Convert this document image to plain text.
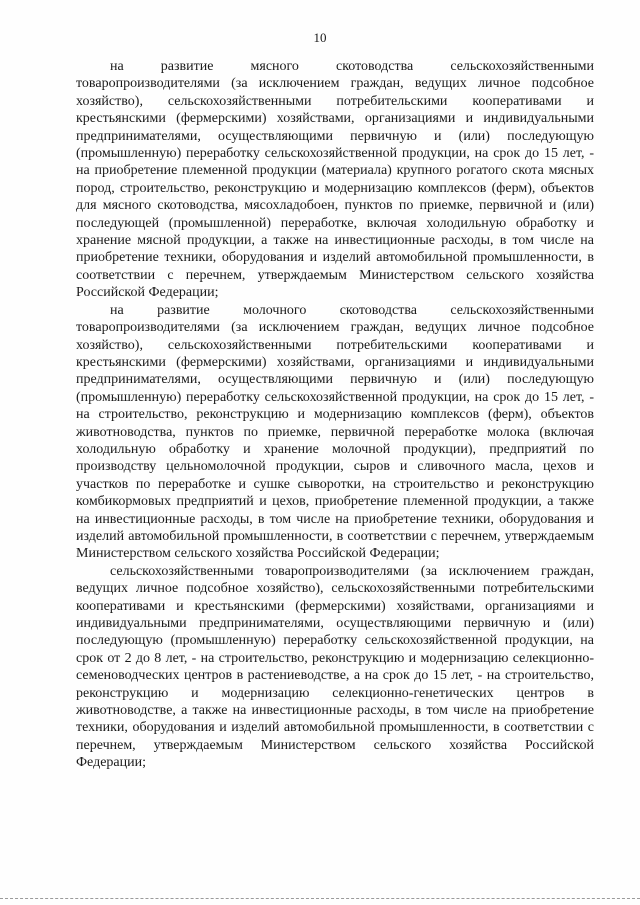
10

на развитие мясного скотоводства сельскохозяйственными товаропроизводителями (за исключением граждан, ведущих личное подсобное хозяйство), сельскохозяйственными потребительскими кооперативами и крестьянскими (фермерскими) хозяйствами, организациями и индивидуальными предпринимателями, осуществляющими первичную и (или) последующую (промышленную) переработку сельскохозяйственной продукции, на срок до 15 лет, - на приобретение племенной продукции (материала) крупного рогатого скота мясных пород, строительство, реконструкцию и модернизацию комплексов (ферм), объектов для мясного скотоводства, мясохладобоен, пунктов по приемке, первичной и (или) последующей (промышленной) переработке, включая холодильную обработку и хранение мясной продукции, а также на инвестиционные расходы, в том числе на приобретение техники, оборудования и изделий автомобильной промышленности, в соответствии с перечнем, утверждаемым Министерством сельского хозяйства Российской Федерации;

на развитие молочного скотоводства сельскохозяйственными товаропроизводителями (за исключением граждан, ведущих личное подсобное хозяйство), сельскохозяйственными потребительскими кооперативами и крестьянскими (фермерскими) хозяйствами, организациями и индивидуальными предпринимателями, осуществляющими первичную и (или) последующую (промышленную) переработку сельскохозяйственной продукции, на срок до 15 лет, - на строительство, реконструкцию и модернизацию комплексов (ферм), объектов животноводства, пунктов по приемке, первичной переработке молока (включая холодильную обработку и хранение молочной продукции), предприятий по производству цельномолочной продукции, сыров и сливочного масла, цехов и участков по переработке и сушке сыворотки, на строительство и реконструкцию комбикормовых предприятий и цехов, приобретение племенной продукции, а также на инвестиционные расходы, в том числе на приобретение техники, оборудования и изделий автомобильной промышленности, в соответствии с перечнем, утверждаемым Министерством сельского хозяйства Российской Федерации;

сельскохозяйственными товаропроизводителями (за исключением граждан, ведущих личное подсобное хозяйство), сельскохозяйственными потребительскими кооперативами и крестьянскими (фермерскими) хозяйствами, организациями и индивидуальными предпринимателями, осуществляющими первичную и (или) последующую (промышленную) переработку сельскохозяйственной продукции, на срок от 2 до 8 лет, - на строительство, реконструкцию и модернизацию селекционно-семеноводческих центров в растениеводстве, а на срок до 15 лет, - на строительство, реконструкцию и модернизацию селекционно-генетических центров в животноводстве, а также на инвестиционные расходы, в том числе на приобретение техники, оборудования и изделий автомобильной промышленности, в соответствии с перечнем, утверждаемым Министерством сельского хозяйства Российской Федерации;
